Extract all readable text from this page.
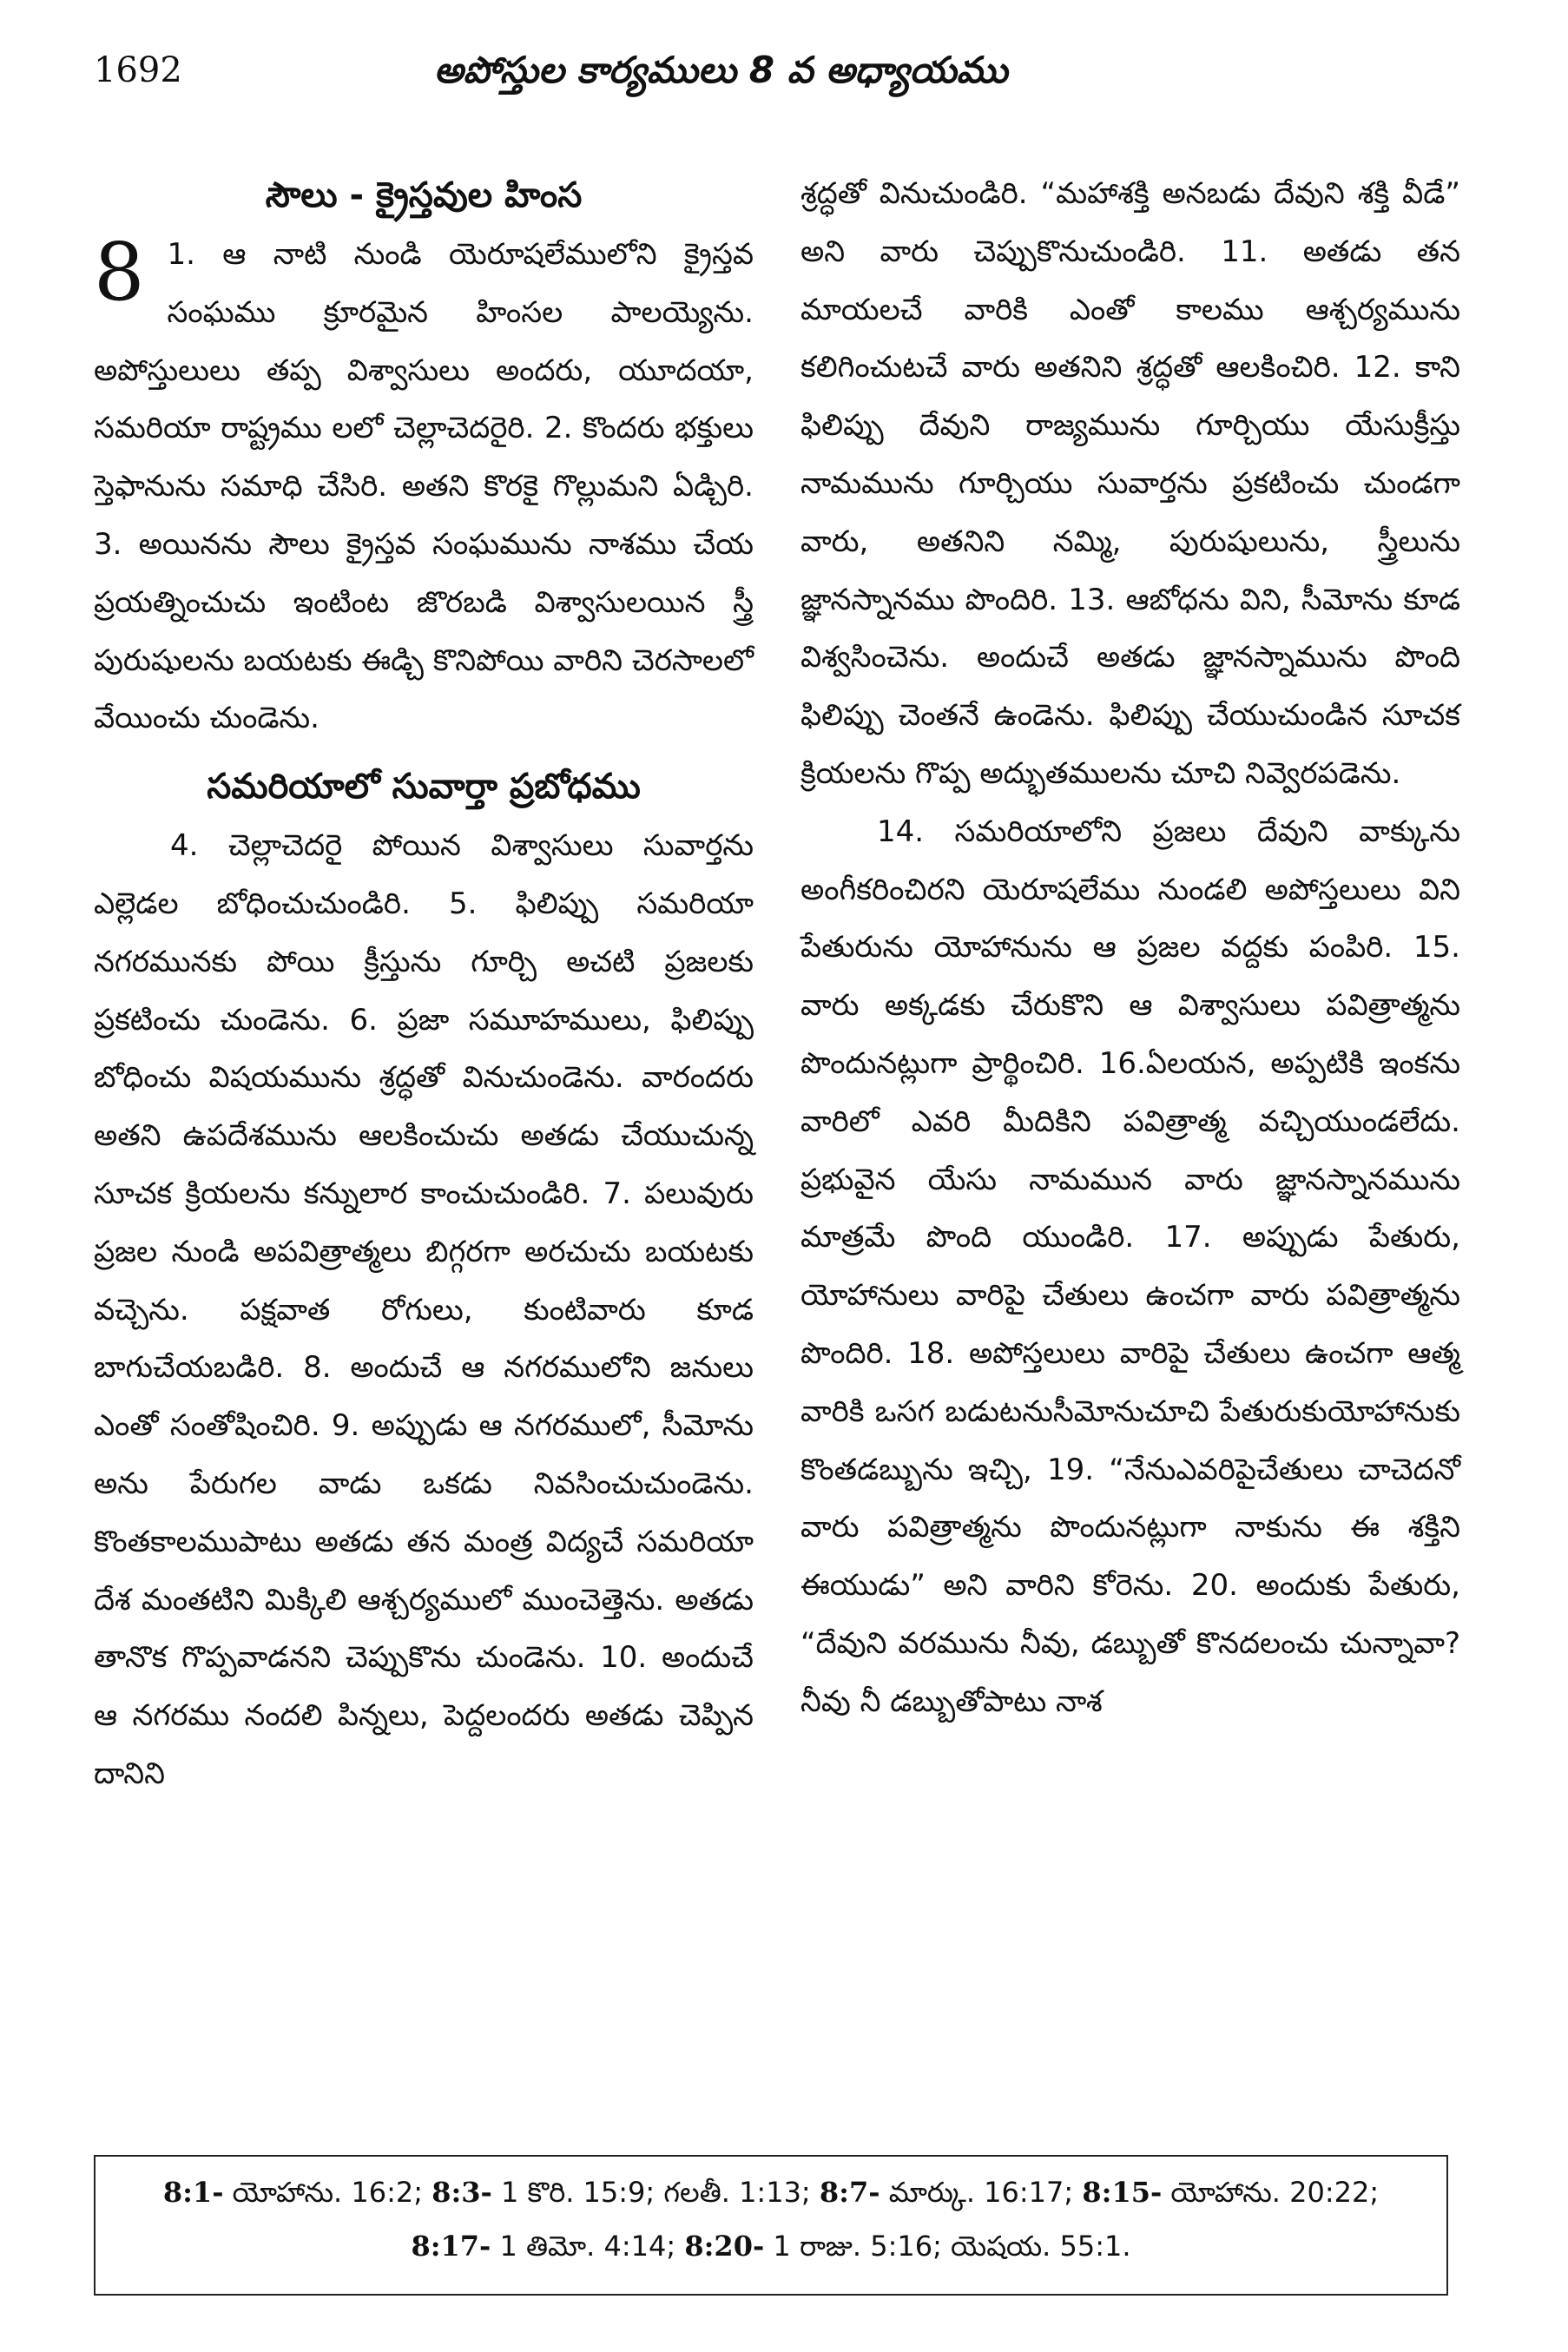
1692	అపోస్తుల కార్యములు 8 వ అధ్యాయము

సౌలు - క్రైస్తవుల హింస

8 1. ఆ నాటి నుండి యెరూషలేములోని క్రైస్తవ సంఘము క్రూరమైన హింసల పాలయ్యెను. అపోస్తులులు తప్ప విశ్వాసులు అందరు, యూదయా, సమరియా రాష్ట్రము లలో చెల్లాచెదరైరి. 2. కొందరు భక్తులు స్తెఫానును సమాధి చేసిరి. అతని కొరకై గొల్లుమని ఏడ్చిరి. 3. అయినను సౌలు క్రైస్తవ సంఘమును నాశము చేయ ప్రయత్నించుచు ఇంటింట జొరబడి విశ్వాసులయిన స్త్రీ పురుషులను బయటకు ఈడ్చి కొనిపోయి వారిని చెరసాలలో వేయించు చుండెను.

సమరియాలో సువార్తా ప్రబోధము

4. చెల్లాచెదరై పోయిన విశ్వాసులు సువార్తను ఎల్లెడల బోధించుచుండిరి. 5. ఫిలిప్పు సమరియా నగరమునకు పోయి క్రీస్తును గూర్చి అచటి ప్రజలకు ప్రకటించు చుండెను. 6. ప్రజా సమూహములు, ఫిలిప్పు బోధించు విషయమును శ్రద్ధతో వినుచుండెను. వారందరు అతని ఉపదేశమును ఆలకించుచు అతడు చేయుచున్న సూచక క్రియలను కన్నులార కాంచుచుండిరి. 7. పలువురు ప్రజల నుండి అపవిత్రాత్మలు బిగ్గరగా అరచుచు బయటకు వచ్చెను. పక్షవాత రోగులు, కుంటివారు కూడ బాగుచేయబడిరి. 8. అందుచే ఆ నగరములోని జనులు ఎంతో సంతోషించిరి. 9. అప్పుడు ఆ నగరములో, సీమోను అను పేరుగల వాడు ఒకడు నివసించుచుండెను. కొంతకాలముపాటు అతడు తన మంత్ర విద్యచే సమరియా దేశ మంతటిని మిక్కిలి ఆశ్చర్యములో ముంచెత్తెను. అతడు తానొక గొప్పవాడనని చెప్పుకొను చుండెను. 10. అందుచే ఆ నగరము నందలి పిన్నలు, పెద్దలందరు అతడు చెప్పిన దానిని

శ్రద్ధతో వినుచుండిరి. “మహాశక్తి అనబడు దేవుని శక్తి వీడే” అని వారు చెప్పుకొనుచుండిరి. 11. అతడు తన మాయలచే వారికి ఎంతో కాలము ఆశ్చర్యమును కలిగించుటచే వారు అతనిని శ్రద్ధతో ఆలకించిరి. 12. కాని ఫిలిప్పు దేవుని రాజ్యమును గూర్చియు యేసుక్రీస్తు నామమును గూర్చియు సువార్తను ప్రకటించు చుండగా వారు, అతనిని నమ్మి, పురుషులును, స్త్రీలును జ్ఞానస్నానము పొందిరి. 13. ఆబోధను విని, సీమోను కూడ విశ్వసించెను. అందుచే అతడు జ్ఞానస్నామును పొంది ఫిలిప్పు చెంతనే ఉండెను. ఫిలిప్పు చేయుచుండిన సూచక క్రియలను గొప్ప అద్భుతములను చూచి నివ్వెరపడెను.

14. సమరియాలోని ప్రజలు దేవుని వాక్కును అంగీకరించిరని యెరూషలేము నుండలి అపోస్తలులు విని పేతురును యోహానును ఆ ప్రజల వద్దకు పంపిరి. 15. వారు అక్కడకు చేరుకొని ఆ విశ్వాసులు పవిత్రాత్మను పొందునట్లుగా ప్రార్థించిరి. 16.ఏలయన, అప్పటికి ఇంకను వారిలో ఎవరి మీదికిని పవిత్రాత్మ వచ్చియుండలేదు. ప్రభువైన యేసు నామమున వారు జ్ఞానస్నానమును మాత్రమే పొంది యుండిరి. 17. అప్పుడు పేతురు, యోహానులు వారిపై చేతులు ఉంచగా వారు పవిత్రాత్మను పొందిరి. 18. అపోస్తలులు వారిపై చేతులు ఉంచగా ఆత్మ వారికి ఒసగ బడుటనుసీమోనుచూచి పేతురుకుయోహానుకు కొంతడబ్బును ఇచ్చి, 19. “నేనుఎవరిపైచేతులు చాచెదనో వారు పవిత్రాత్మను పొందునట్లుగా నాకును ఈ శక్తిని ఈయుడు” అని వారిని కోరెను. 20. అందుకు పేతురు, “దేవుని వరమును నీవు, డబ్బుతో కొనదలంచు చున్నావా? నీవు నీ డబ్బుతోపాటు నాశ

8:1- యోహాను. 16:2; 8:3- 1 కొరి. 15:9; గలతీ. 1:13; 8:7- మార్కు. 16:17; 8:15- యోహాను. 20:22; 8:17- 1 తిమో. 4:14; 8:20- 1 రాజు. 5:16; యెషయ. 55:1.
